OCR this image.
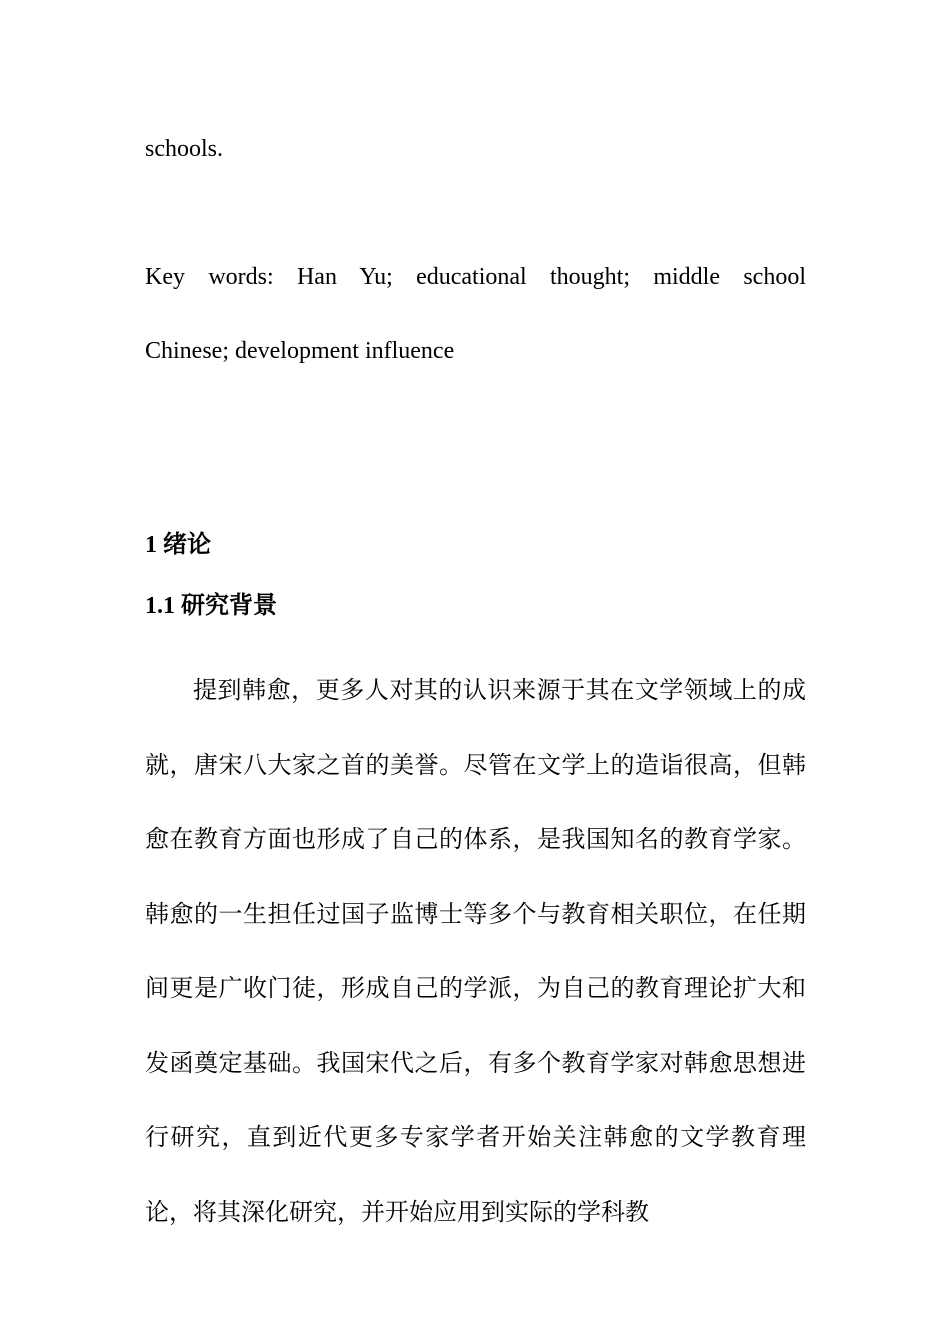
schools.
Key words: Han Yu; educational thought; middle school
Chinese; development influence
1 绪论
1.1 研究背景

提到韩愈，更多人对其的认识来源于其在文学领域上的成就，唐宋八大家之首的美誉。尽管在文学上的造诣很高，但韩愈在教育方面也形成了自己的体系，是我国知名的教育学家。韩愈的一生担任过国子监博士等多个与教育相关职位，在任期间更是广收门徒，形成自己的学派，为自己的教育理论扩大和发函奠定基础。我国宋代之后，有多个教育学家对韩愈思想进行研究，直到近代更多专家学者开始关注韩愈的文学教育理论，将其深化研究，并开始应用到实际的学科教
